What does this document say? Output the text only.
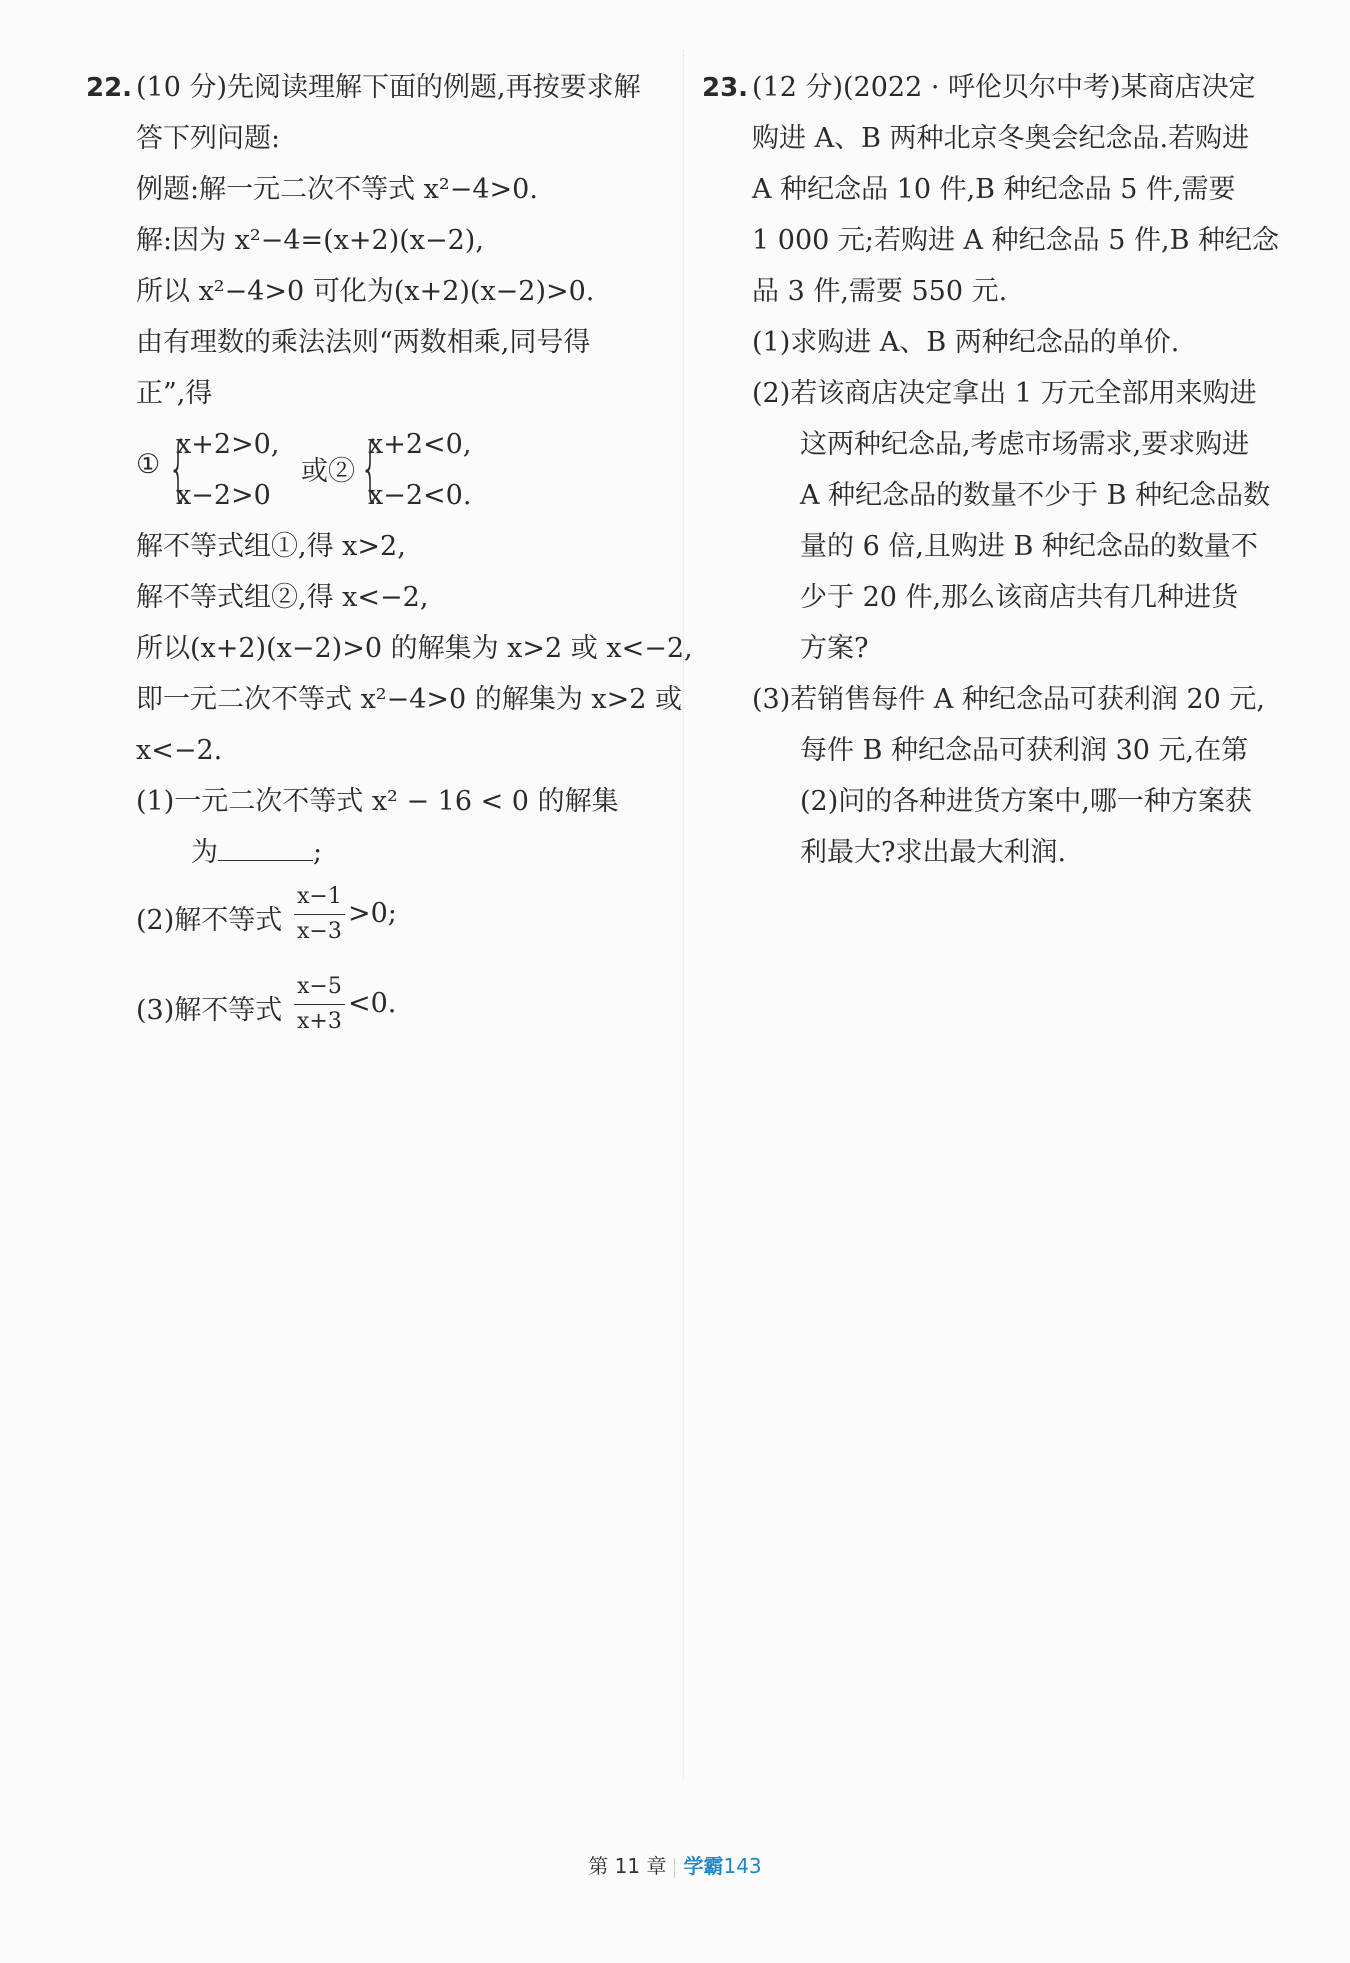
22. (10 分)先阅读理解下面的例题,再按要求解
答下列问题:
例题:解一元二次不等式 x²−4>0.
解:因为 x²−4=(x+2)(x−2),
所以 x²−4>0 可化为(x+2)(x−2)>0.
由有理数的乘法法则“两数相乘,同号得
正”,得
① {
x+2>0,
x−2>0
或② {
x+2<0,
x−2<0.
解不等式组①,得 x>2,
解不等式组②,得 x<−2,
所以(x+2)(x−2)>0 的解集为 x>2 或 x<−2,
即一元二次不等式 x²−4>0 的解集为 x>2 或
x<−2.
(1)一元二次不等式 x² − 16 < 0 的解集
为	;
(2)解不等式 $\frac{x-1}{x-3} >0$;
(3)解不等式 $\frac{x-5}{x+3} <0$.
23. (12 分)(2022 · 呼伦贝尔中考)某商店决定
购进 A、B 两种北京冬奥会纪念品.若购进
A 种纪念品 10 件,B 种纪念品 5 件,需要
1 000 元;若购进 A 种纪念品 5 件,B 种纪念
品 3 件,需要 550 元.
(1)求购进 A、B 两种纪念品的单价.
(2)若该商店决定拿出 1 万元全部用来购进
这两种纪念品,考虑市场需求,要求购进
A 种纪念品的数量不少于 B 种纪念品数
量的 6 倍,且购进 B 种纪念品的数量不
少于 20 件,那么该商店共有几种进货
方案?
(3)若销售每件 A 种纪念品可获利润 20 元,
每件 B 种纪念品可获利润 30 元,在第
(2)问的各种进货方案中,哪一种方案获
利最大?求出最大利润.
第 11 章 学霸143
